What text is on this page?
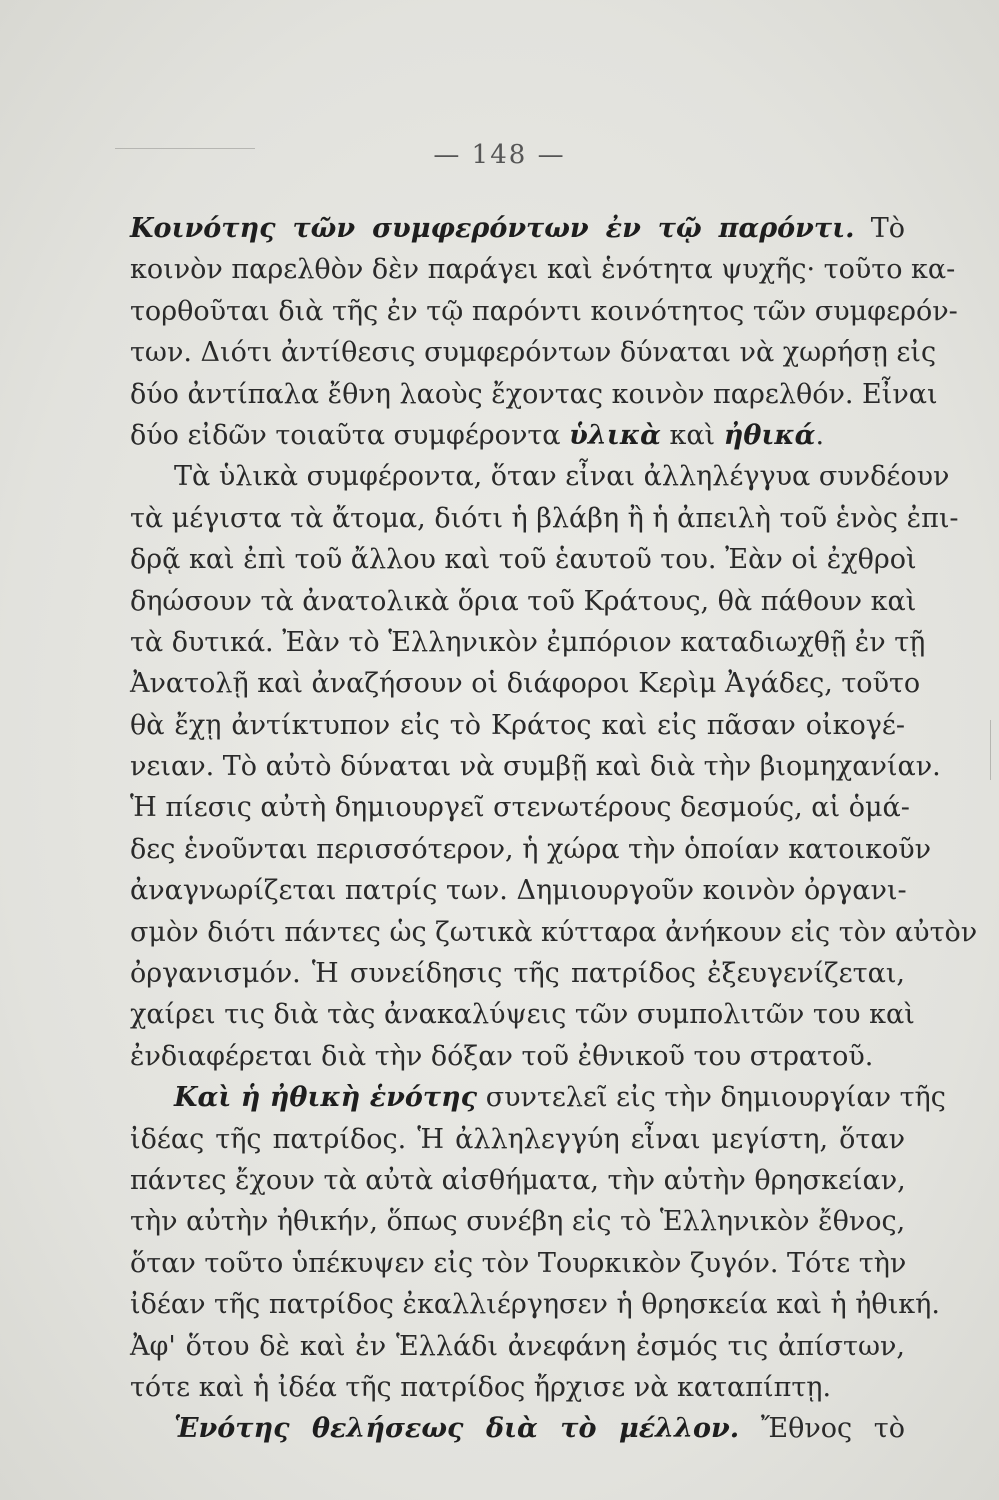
— 148 —
Κοινότης τῶν συμφερόντων ἐν τῷ παρόντι. Τὸ
κοινὸν παρελθὸν δὲν παράγει καὶ ἑνότητα ψυχῆς· τοῦτο κα-
τορθοῦται διὰ τῆς ἐν τῷ παρόντι κοινότητος τῶν συμφερόν-
των. Διότι ἀντίθεσις συμφερόντων δύναται νὰ χωρήσῃ εἰς
δύο ἀντίπαλα ἔθνη λαοὺς ἔχοντας κοινὸν παρελθόν. Εἶναι
δύο εἰδῶν τοιαῦτα συμφέροντα ὑλικὰ καὶ ἠθικά.
Τὰ ὑλικὰ συμφέροντα, ὅταν εἶναι ἀλληλέγγυα συνδέουν
τὰ μέγιστα τὰ ἄτομα, διότι ἡ βλάβη ἢ ἡ ἀπειλὴ τοῦ ἑνὸς ἐπι-
δρᾷ καὶ ἐπὶ τοῦ ἄλλου καὶ τοῦ ἑαυτοῦ του. Ἐὰν οἱ ἐχθροὶ
δηώσουν τὰ ἀνατολικὰ ὅρια τοῦ Κράτους, θὰ πάθουν καὶ
τὰ δυτικά. Ἐὰν τὸ Ἑλληνικὸν ἐμπόριον καταδιωχθῇ ἐν τῇ
Ἀνατολῇ καὶ ἀναζήσουν οἱ διάφοροι Κερὶμ Ἀγάδες, τοῦτο
θὰ ἔχῃ ἀντίκτυπον εἰς τὸ Κράτος καὶ εἰς πᾶσαν οἰκογέ-
νειαν. Τὸ αὐτὸ δύναται νὰ συμβῇ καὶ διὰ τὴν βιομηχανίαν.
Ἡ πίεσις αὐτὴ δημιουργεῖ στενωτέρους δεσμούς, αἱ ὁμά-
δες ἑνοῦνται περισσότερον, ἡ χώρα τὴν ὁποίαν κατοικοῦν
ἀναγνωρίζεται πατρίς των. Δημιουργοῦν κοινὸν ὀργανι-
σμὸν διότι πάντες ὡς ζωτικὰ κύτταρα ἀνήκουν εἰς τὸν αὐτὸν
ὀργανισμόν. Ἡ συνείδησις τῆς πατρίδος ἐξευγενίζεται,
χαίρει τις διὰ τὰς ἀνακαλύψεις τῶν συμπολιτῶν του καὶ
ἐνδιαφέρεται διὰ τὴν δόξαν τοῦ ἐθνικοῦ του στρατοῦ.
Καὶ ἡ ἠθικὴ ἑνότης συντελεῖ εἰς τὴν δημιουργίαν τῆς
ἰδέας τῆς πατρίδος. Ἡ ἀλληλεγγύη εἶναι μεγίστη, ὅταν
πάντες ἔχουν τὰ αὐτὰ αἰσθήματα, τὴν αὐτὴν θρησκείαν,
τὴν αὐτὴν ἠθικήν, ὅπως συνέβη εἰς τὸ Ἑλληνικὸν ἔθνος,
ὅταν τοῦτο ὑπέκυψεν εἰς τὸν Τουρκικὸν ζυγόν. Τότε τὴν
ἰδέαν τῆς πατρίδος ἐκαλλιέργησεν ἡ θρησκεία καὶ ἡ ἠθική.
Ἀφ' ὅτου δὲ καὶ ἐν Ἑλλάδι ἀνεφάνη ἐσμός τις ἀπίστων,
τότε καὶ ἡ ἰδέα τῆς πατρίδος ἤρχισε νὰ καταπίπτῃ.
Ἑνότης θελήσεως διὰ τὸ μέλλον. Ἔθνος τὸ
